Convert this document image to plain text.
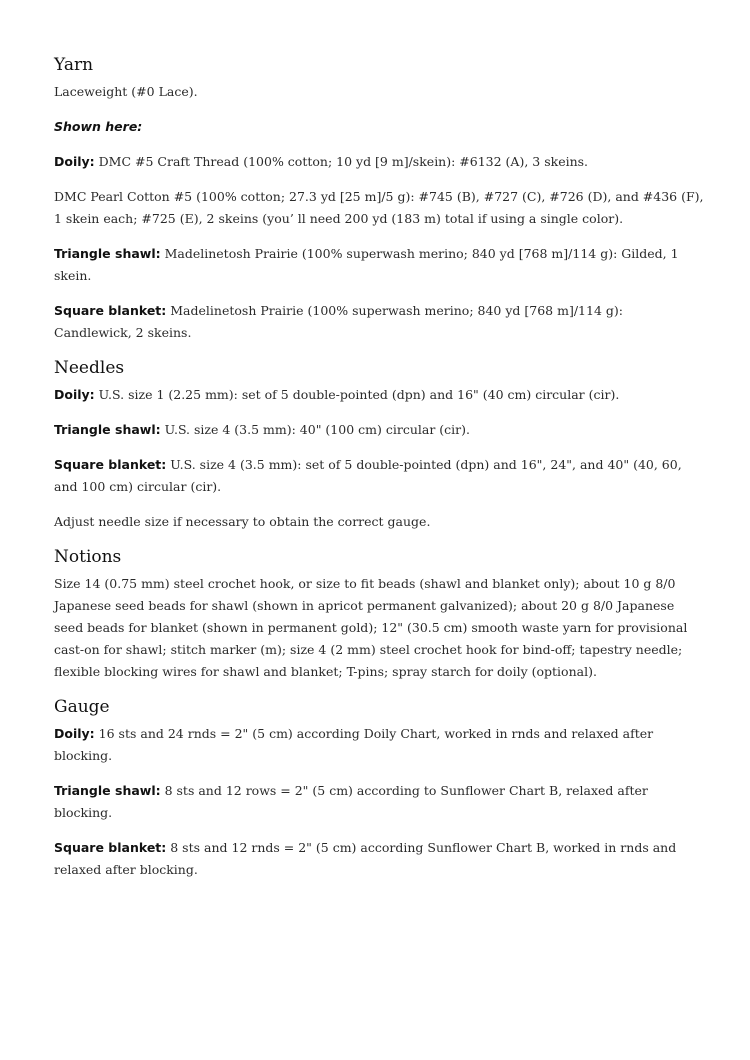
Yarn

Laceweight (#0 Lace).

Shown here:

Doily: DMC #5 Craft Thread (100% cotton; 10 yd [9 m]/skein): #6132 (A), 3 skeins.

DMC Pearl Cotton #5 (100% cotton; 27.3 yd [25 m]/5 g): #745 (B), #727 (C), #726 (D), and #436 (F), 1 skein each; #725 (E), 2 skeins (you’ ll need 200 yd (183 m) total if using a single color).

Triangle shawl: Madelinetosh Prairie (100% superwash merino; 840 yd [768 m]/114 g): Gilded, 1 skein.

Square blanket: Madelinetosh Prairie (100% superwash merino; 840 yd [768 m]/114 g): Candlewick, 2 skeins.

Needles

Doily: U.S. size 1 (2.25 mm): set of 5 double-pointed (dpn) and 16" (40 cm) circular (cir).

Triangle shawl: U.S. size 4 (3.5 mm): 40" (100 cm) circular (cir).

Square blanket: U.S. size 4 (3.5 mm): set of 5 double-pointed (dpn) and 16", 24", and 40" (40, 60, and 100 cm) circular (cir).

Adjust needle size if necessary to obtain the correct gauge.

Notions

Size 14 (0.75 mm) steel crochet hook, or size to fit beads (shawl and blanket only); about 10 g 8/0 Japanese seed beads for shawl (shown in apricot permanent galvanized); about 20 g 8/0 Japanese seed beads for blanket (shown in permanent gold); 12" (30.5 cm) smooth waste yarn for provisional cast-on for shawl; stitch marker (m); size 4 (2 mm) steel crochet hook for bind-off; tapestry needle; flexible blocking wires for shawl and blanket; T-pins; spray starch for doily (optional).

Gauge

Doily: 16 sts and 24 rnds = 2" (5 cm) according Doily Chart, worked in rnds and relaxed after blocking.

Triangle shawl: 8 sts and 12 rows = 2" (5 cm) according to Sunflower Chart B, relaxed after blocking.

Square blanket: 8 sts and 12 rnds = 2" (5 cm) according Sunflower Chart B, worked in rnds and relaxed after blocking.
